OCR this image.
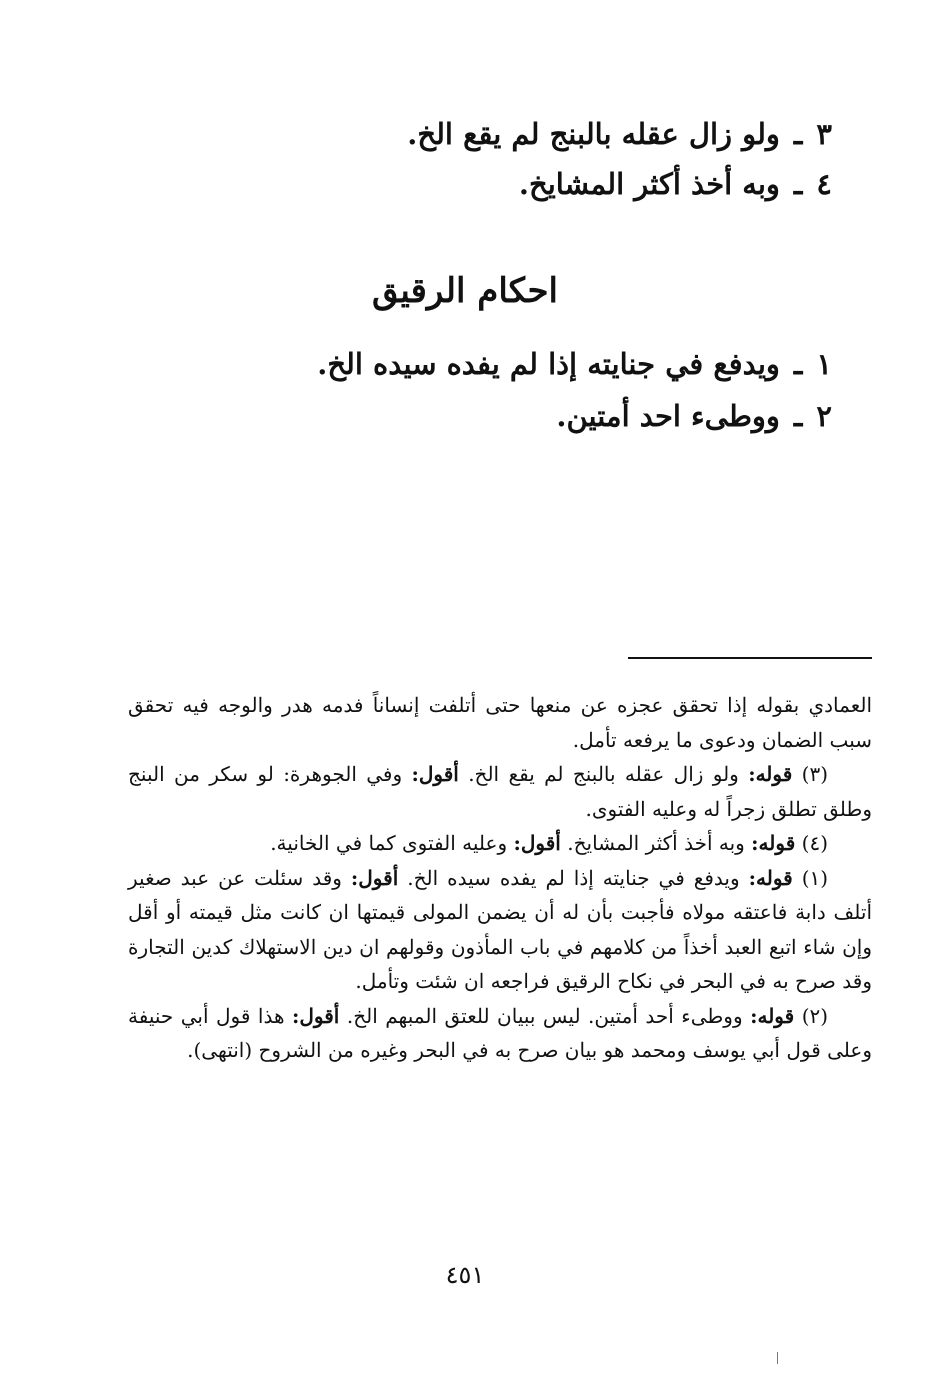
٣ـولو زال عقله بالبنج لم يقع الخ.
٤ـوبه أخذ أكثر المشايخ.
احكام الرقيق
١ـويدفع في جنايته إذا لم يفده سيده الخ.
٢ـووطىء احد أمتين.

العمادي بقوله إذا تحقق عجزه عن منعها حتى أتلفت إنساناً فدمه هدر والوجه فيه تحقق سبب الضمان ودعوى ما يرفعه تأمل.

(٣) قوله: ولو زال عقله بالبنج لم يقع الخ. أقول: وفي الجوهرة: لو سكر من البنج وطلق تطلق زجراً له وعليه الفتوى.

(٤) قوله: وبه أخذ أكثر المشايخ. أقول: وعليه الفتوى كما في الخانية.

(١) قوله: ويدفع في جنايته إذا لم يفده سيده الخ. أقول: وقد سئلت عن عبد صغير أتلف دابة فاعتقه مولاه فأجبت بأن له أن يضمن المولى قيمتها ان كانت مثل قيمته أو أقل وإن شاء اتبع العبد أخذاً من كلامهم في باب المأذون وقولهم ان دين الاستهلاك كدين التجارة وقد صرح به في البحر في نكاح الرقيق فراجعه ان شئت وتأمل.

(٢) قوله: ووطىء أحد أمتين. ليس ببيان للعتق المبهم الخ. أقول: هذا قول أبي حنيفة وعلى قول أبي يوسف ومحمد هو بيان صرح به في البحر وغيره من الشروح (انتهى).

٤٥١
